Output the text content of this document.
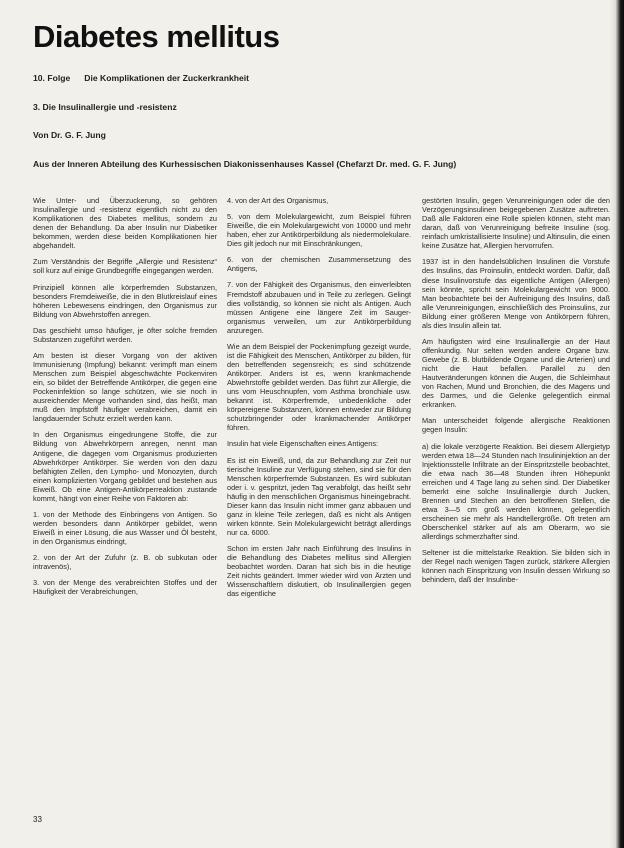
Diabetes mellitus
10. Folge Die Komplikationen der Zuckerkrankheit
3. Die Insulinallergie und -resistenz
Von Dr. G. F. Jung
Aus der Inneren Abteilung des Kurhessischen Diakonissenhauses Kassel (Chefarzt Dr. med. G. F. Jung)

Wie Unter- und Überzuckerung, so gehören Insulinallergie und -resistenz eigentlich nicht zu den Komplikationen des Diabetes mellitus, sondern zu denen der Behandlung. Da aber Insulin nur Diabetiker bekommen, werden diese beiden Komplikationen hier abgehandelt.

Zum Verständnis der Begriffe „Allergie und Resistenz“ soll kurz auf einige Grundbegriffe eingegangen werden.

Prinzipiell können alle körperfremden Substanzen, besonders Fremdeiweiße, die in den Blutkreislauf eines höheren Lebewesens eindringen, den Organismus zur Bildung von Abwehrstoffen anregen.

Das geschieht umso häufiger, je öfter solche fremden Substanzen zugeführt werden.

Am besten ist dieser Vorgang von der aktiven Immunisierung (Impfung) bekannt: verimpft man einem Menschen zum Beispiel abgeschwächte Pockenviren ein, so bildet der Betreffende Antikörper, die gegen eine Pockeninfektion so lange schützen, wie sie noch in ausreichender Menge vorhanden sind, das heißt, man muß den Impfstoff häufiger verabreichen, damit ein langdauernder Schutz erzielt werden kann.

In den Organismus eingedrungene Stoffe, die zur Bildung von Abwehrkörpern anregen, nennt man Antigene, die dagegen vom Organismus produzierten Abwehrkörper Antikörper. Sie werden von den dazu befähigten Zellen, den Lympho- und Monozyten, durch einen komplizierten Vorgang gebildet und bestehen aus Eiweiß. Ob eine Antigen-Antikörperreaktion zustande kommt, hängt von einer Reihe von Faktoren ab:

1. von der Methode des Einbringens von Antigen. So werden besonders dann Antikörper gebildet, wenn Eiweiß in einer Lösung, die aus Wasser und Öl besteht, in den Organismus eindringt,

2. von der Art der Zufuhr (z. B. ob subkutan oder intravenös),

3. von der Menge des verabreichten Stoffes und der Häufigkeit der Verabreichungen,

4. von der Art des Organismus,

5. von dem Molekulargewicht, zum Beispiel führen Eiweiße, die ein Molekulargewicht von 10000 und mehr haben, eher zur Antikörperbildung als niedermolekulare. Dies gilt jedoch nur mit Einschränkungen,

6. von der chemischen Zusammensetzung des Antigens,

7. von der Fähigkeit des Organismus, den einverleibten Fremdstoff abzubauen und in Teile zu zerlegen. Gelingt dies vollständig, so können sie nicht als Antigen. Auch müssen Antigene eine längere Zeit im Sauger-organismus verweilen, um zur Antikörperbildung anzuregen.

Wie an dem Beispiel der Pockenimpfung gezeigt wurde, ist die Fähigkeit des Menschen, Antikörper zu bilden, für den betreffenden segensreich; es sind schützende Antikörper. Anders ist es, wenn krankmachende Abwehrstoffe gebildet werden. Das führt zur Allergie, die uns vom Heuschnupfen, vom Asthma bronchiale usw. bekannt ist. Körperfremde, unbedenkliche oder körpereigene Substanzen, können entweder zur Bildung schutzbringender oder krankmachender Antikörper führen.

Insulin hat viele Eigenschaften eines Antigens:

Es ist ein Eiweiß, und, da zur Behandlung zur Zeit nur tierische Insuline zur Verfügung stehen, sind sie für den Menschen körperfremde Substanzen. Es wird subkutan oder i. v. gespritzt, jeden Tag verabfolgt, das heißt sehr häufig in den menschlichen Organismus hineingebracht. Dieser kann das Insulin nicht immer ganz abbauen und ganz in kleine Teile zerlegen, daß es nicht als Antigen wirken könnte. Sein Molekulargewicht beträgt allerdings nur ca. 6000.

Schon im ersten Jahr nach Einführung des Insulins in die Behandlung des Diabetes mellitus sind Allergien beobachtet worden. Daran hat sich bis in die heutige Zeit nichts geändert. Immer wieder wird von Ärzten und Wissenschaftlern diskutiert, ob Insulinallergien gegen das eigentliche

gestörten Insulin, gegen Verunreinigungen oder die den Verzögerungsinsulinen beigegebenen Zusätze auftreten. Daß alle Faktoren eine Rolle spielen können, steht man daran, daß von Verunreinigung befreite Insuline (sog. reinfach umkristallisierte Insuline) und Altinsulin, die einen keine Zusätze hat, Allergien hervorrufen.

1937 ist in den handelsüblichen Insulinen die Vorstufe des Insulins, das Proinsulin, entdeckt worden. Dafür, daß diese Insulinvorstufe das eigentliche Antigen (Allergen) sein könnte, spricht sein Molekulargewicht von 9000. Man beobachtete bei der Aufreinigung des Insulins, daß alle Verunreinigungen, einschließlich des Proinsulins, zur Bildung einer größeren Menge von Antikörpern führen, als dies Insulin allein tat.

Am häufigsten wird eine Insulinallergie an der Haut offenkundig. Nur selten werden andere Organe bzw. Gewebe (z. B. blutbildende Organe und die Arterien) und nicht die Haut befallen. Parallel zu den Hautveränderungen können die Augen, die Schleimhaut von Rachen, Mund und Bronchien, die des Magens und des Darmes, und die Gelenke gelegentlich einmal erkranken.

Man unterscheidet folgende allergische Reaktionen gegen Insulin:

a) die lokale verzögerte Reaktion. Bei diesem Allergietyp werden etwa 18—24 Stunden nach Insulininjektion an der Injektionsstelle Infiltrate an der Einspritzstelle beobachtet, die etwa nach 36—48 Stunden ihren Höhepunkt erreichen und 4 Tage lang zu sehen sind. Der Diabetiker bemerkt eine solche Insulinallergie durch Jucken, Brennen und Stechen an den betroffenen Stellen, die etwa 3—5 cm groß werden können, gelegentlich erscheinen sie mehr als Handtellergröße. Oft treten am Oberschenkel stärker auf als am Oberarm, wo sie allerdings schmerzhafter sind.

Seltener ist die mittelstarke Reaktion. Sie bilden sich in der Regel nach wenigen Tagen zurück, stärkere Allergien können nach Einspritzung von Insulin dessen Wirkung so behindern, daß der Insulinbe-

33
